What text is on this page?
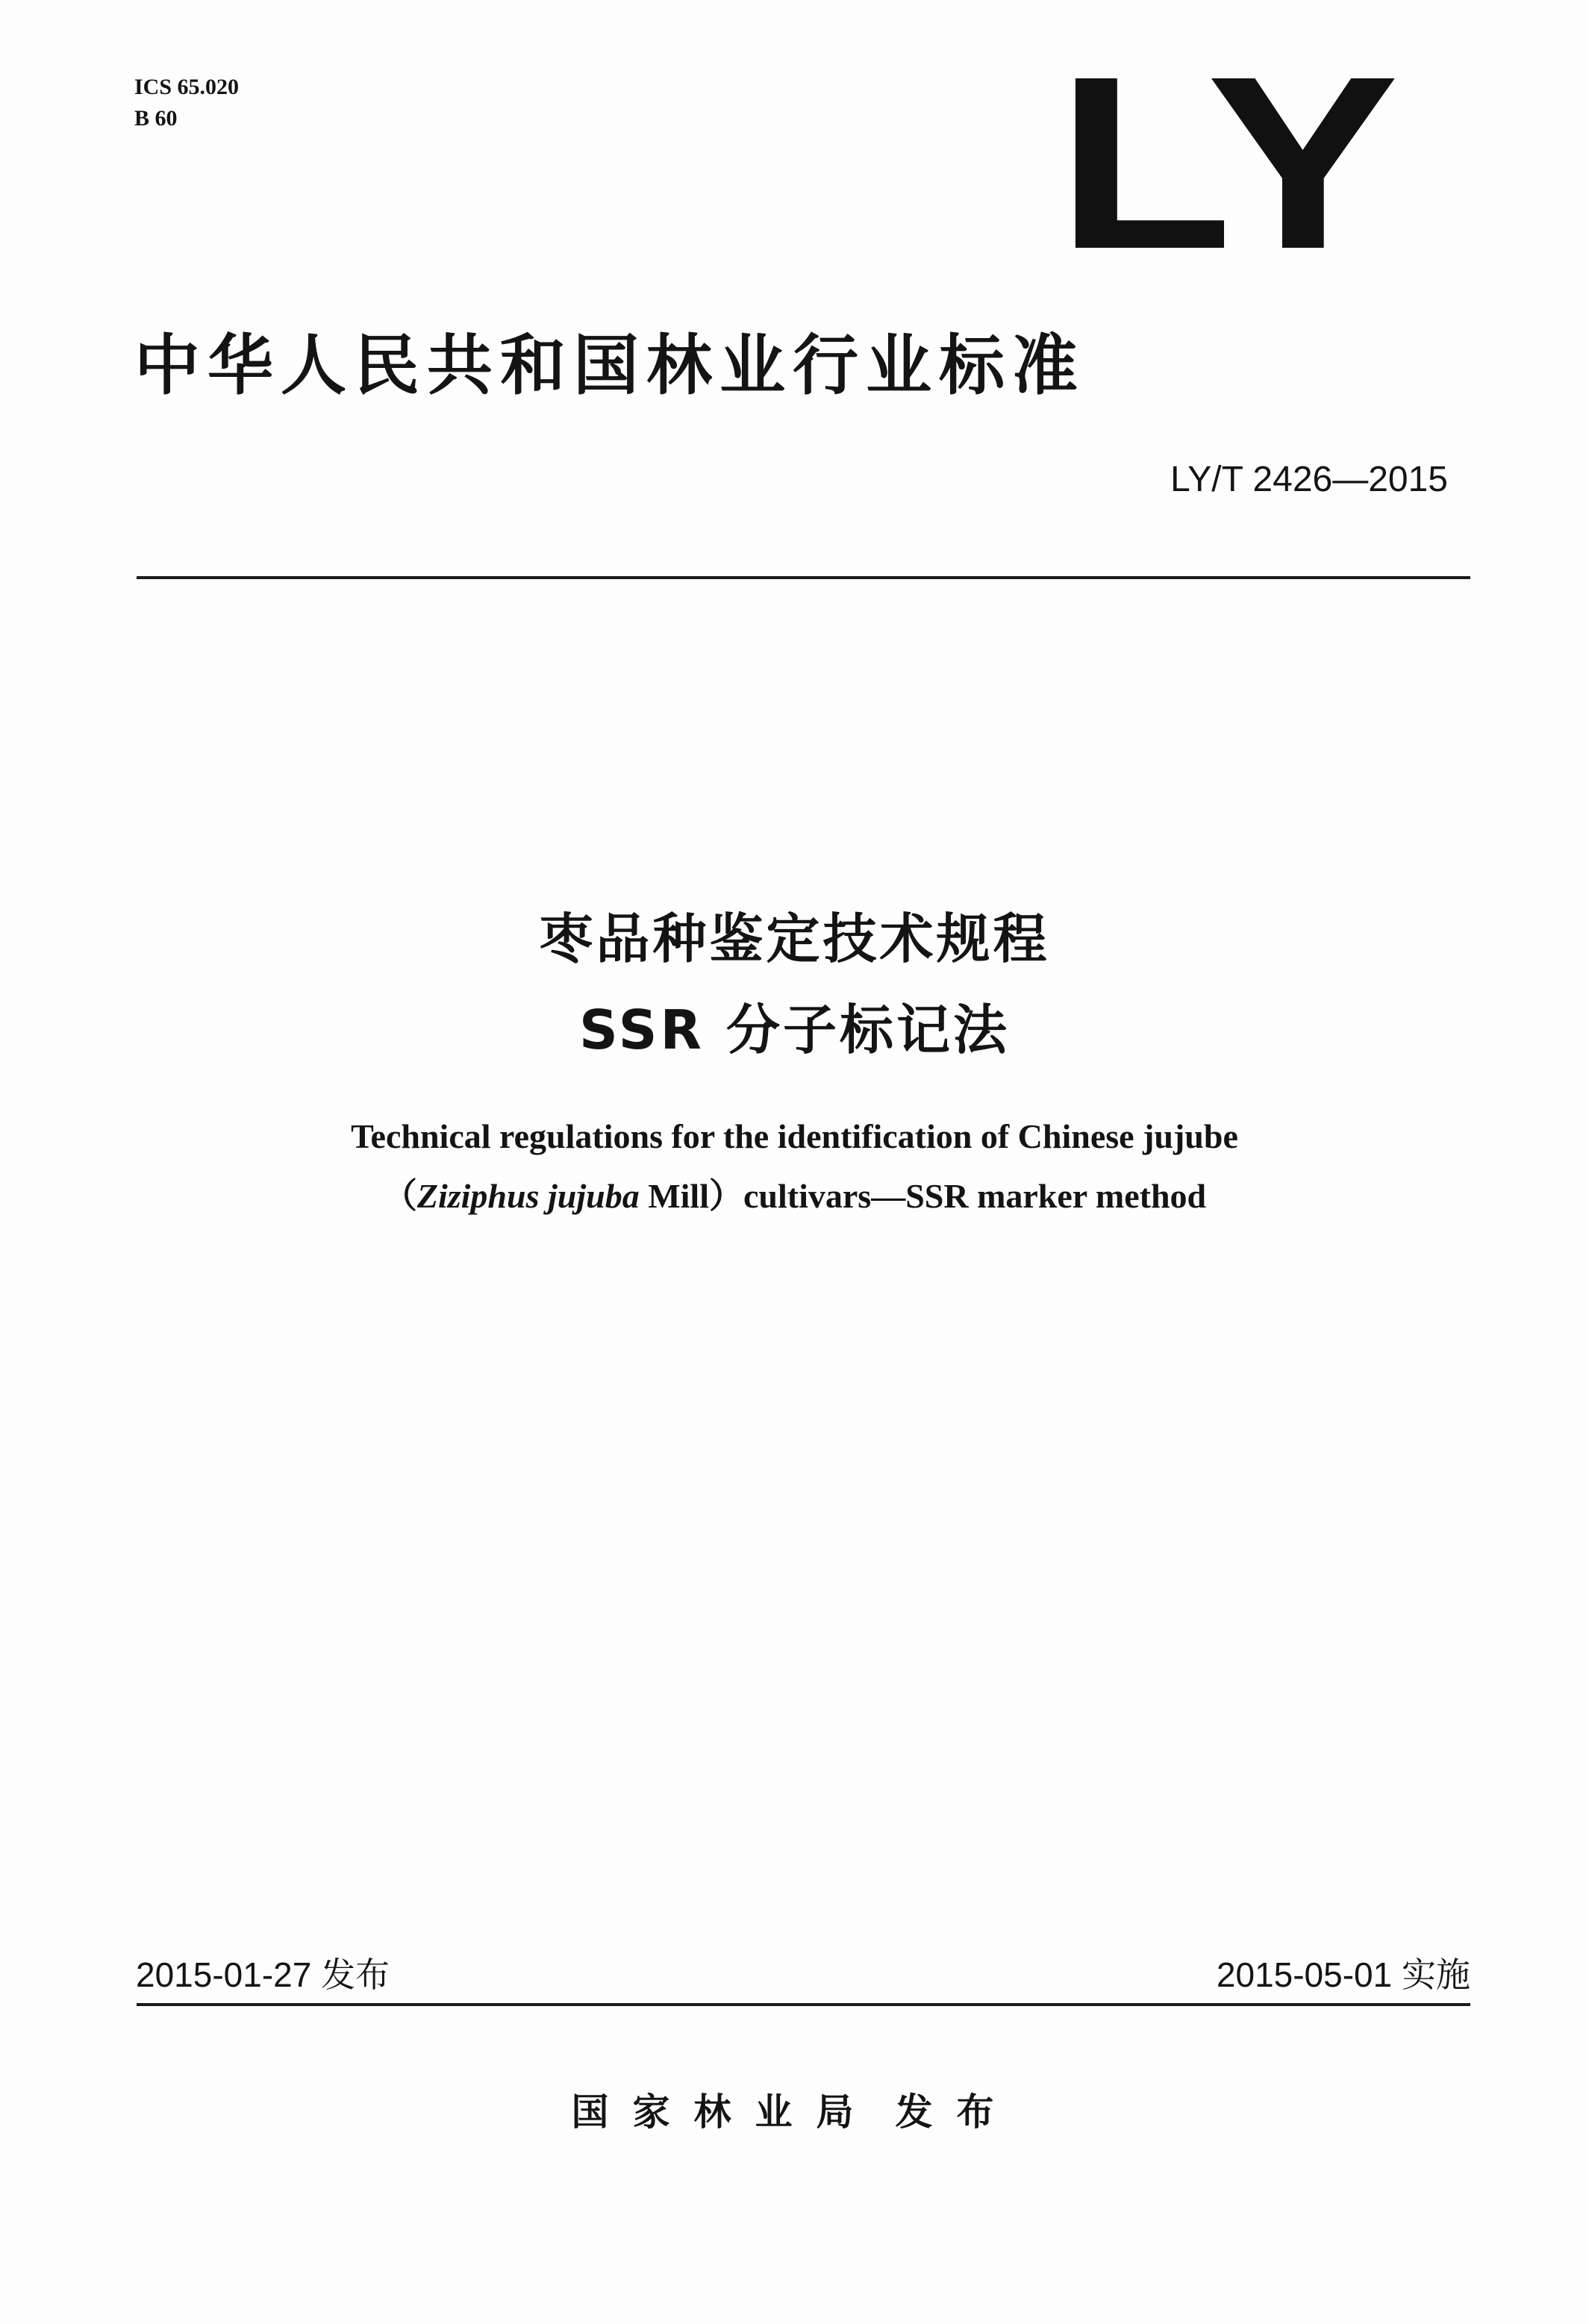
ICS 65.020
B 60	LY
中华人民共和国林业行业标准
LY/T 2426—2015
枣品种鉴定技术规程
SSR 分子标记法
Technical regulations for the identification of Chinese jujube
（Ziziphus jujuba Mill）cultivars—SSR marker method
2015-01-27 发布	2015-05-01 实施
国家林业局 发布
